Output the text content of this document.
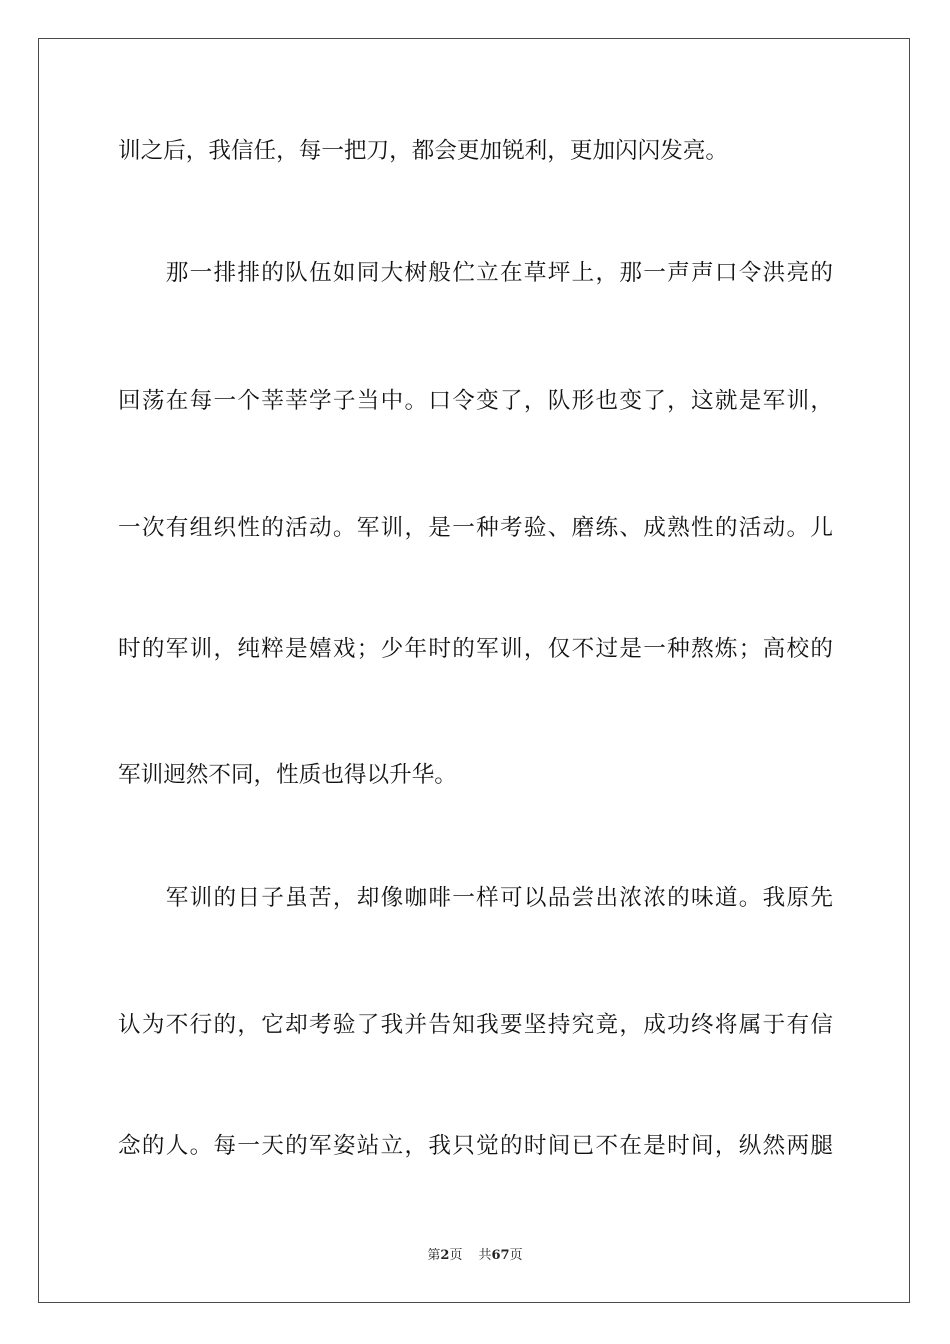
训之后，我信任，每一把刀，都会更加锐利，更加闪闪发亮。
　　那一排排的队伍如同大树般伫立在草坪上，那一声声口令洪亮的
回荡在每一个莘莘学子当中。口令变了，队形也变了，这就是军训，
一次有组织性的活动。军训，是一种考验、磨练、成熟性的活动。儿
时的军训，纯粹是嬉戏；少年时的军训，仅不过是一种熬炼；高校的
军训迥然不同，性质也得以升华。
　　军训的日子虽苦，却像咖啡一样可以品尝出浓浓的味道。我原先
认为不行的，它却考验了我并告知我要坚持究竟，成功终将属于有信
念的人。每一天的军姿站立，我只觉的时间已不在是时间，纵然两腿
第2页 共67页
